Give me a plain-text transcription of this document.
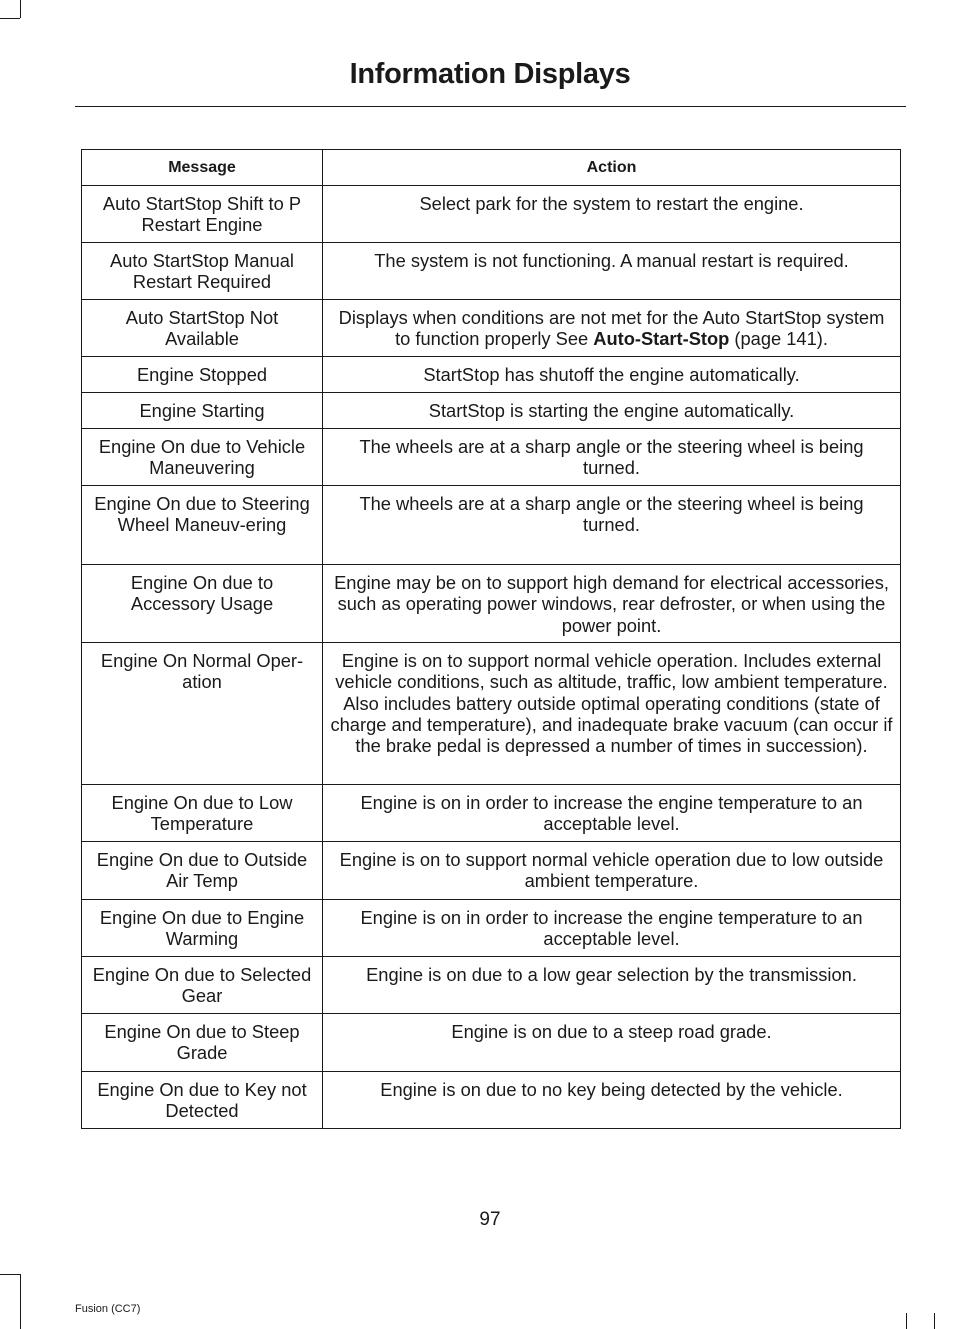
Information Displays
Message	Action
Auto StartStop Shift to P Restart Engine	Select park for the system to restart the engine.
Auto StartStop Manual Restart Required	The system is not functioning. A manual restart is required.
Auto StartStop Not Available	Displays when conditions are not met for the Auto StartStop system to function properly See Auto-Start-Stop (page 141).
Engine Stopped	StartStop has shutoff the engine automatically.
Engine Starting	StartStop is starting the engine automatically.
Engine On due to Vehicle Maneuvering	The wheels are at a sharp angle or the steering wheel is being turned.
Engine On due to Steering Wheel Maneuv-ering	The wheels are at a sharp angle or the steering wheel is being turned.
Engine On due to Accessory Usage	Engine may be on to support high demand for electrical accessories, such as operating power windows, rear defroster, or when using the power point.
Engine On Normal Oper-ation	Engine is on to support normal vehicle operation. Includes external vehicle conditions, such as altitude, traffic, low ambient temperature. Also includes battery outside optimal operating conditions (state of charge and temperature), and inadequate brake vacuum (can occur if the brake pedal is depressed a number of times in succession).
Engine On due to Low Temperature	Engine is on in order to increase the engine temperature to an acceptable level.
Engine On due to Outside Air Temp	Engine is on to support normal vehicle operation due to low outside ambient temperature.
Engine On due to Engine Warming	Engine is on in order to increase the engine temperature to an acceptable level.
Engine On due to Selected Gear	Engine is on due to a low gear selection by the transmission.
Engine On due to Steep Grade	Engine is on due to a steep road grade.
Engine On due to Key not Detected	Engine is on due to no key being detected by the vehicle.
97
Fusion (CC7)
